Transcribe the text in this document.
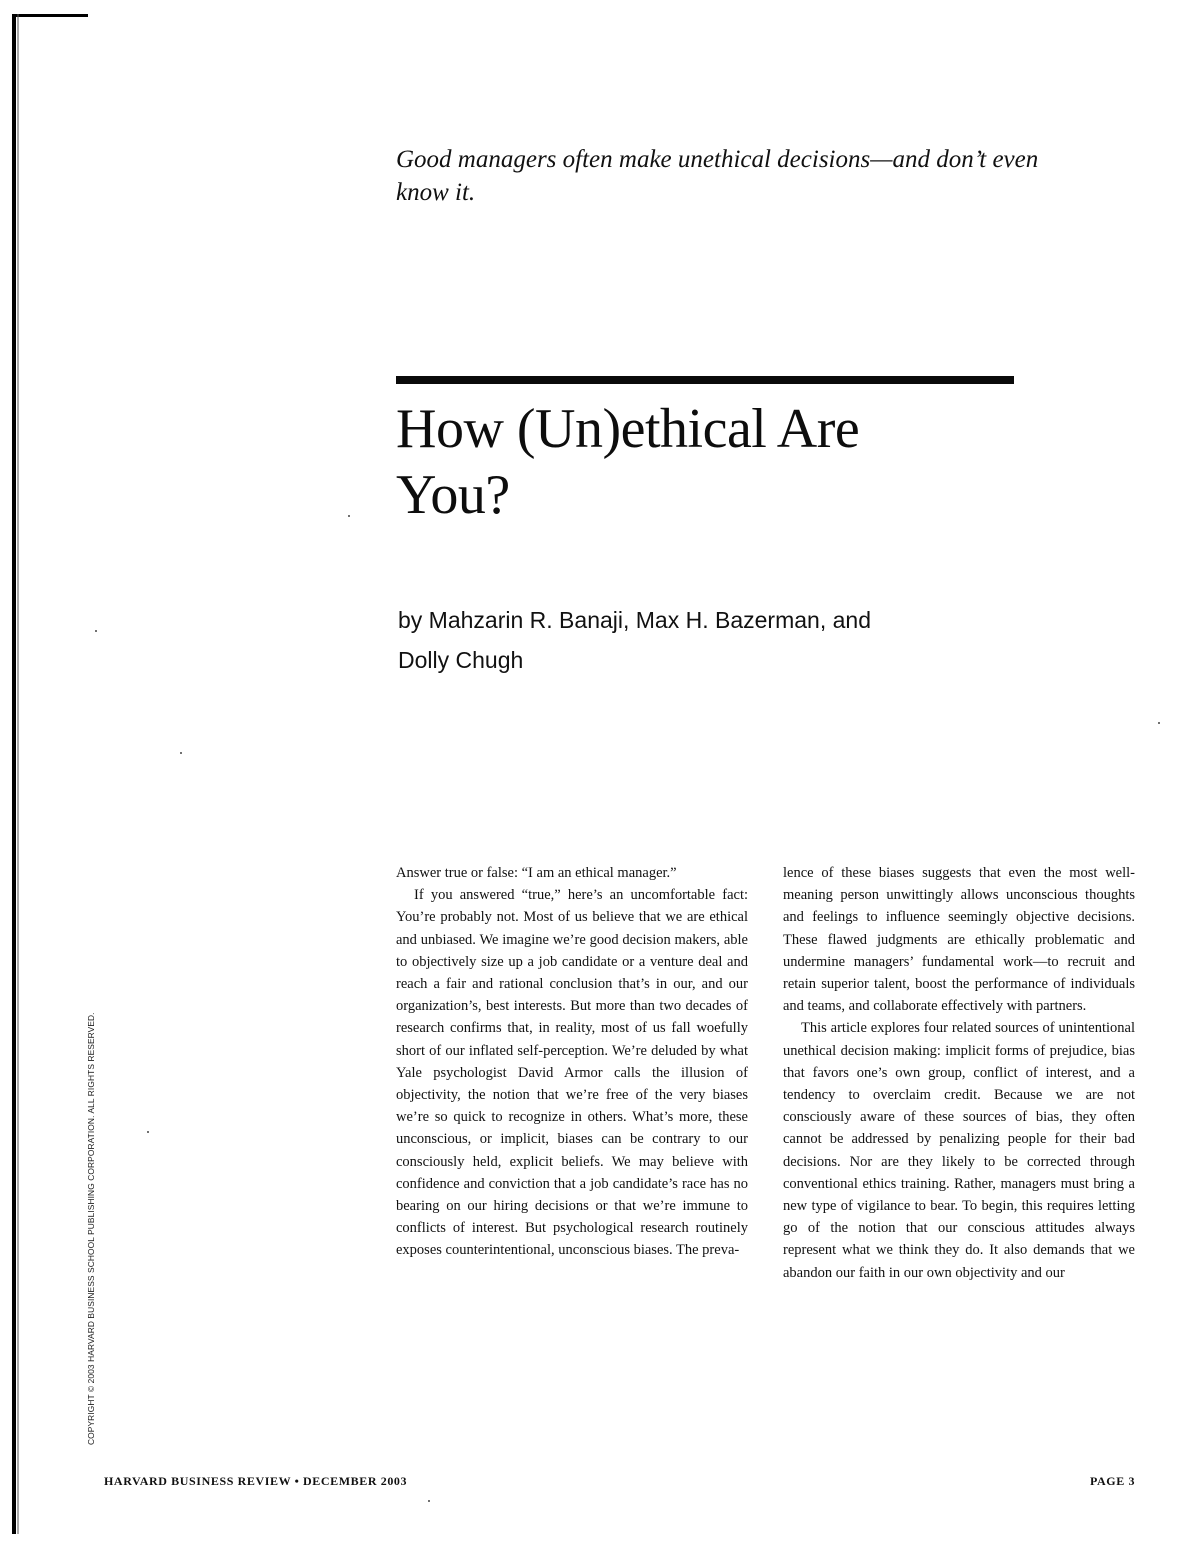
Good managers often make unethical decisions—and don’t even know it.
How (Un)ethical Are
You?
by Mahzarin R. Banaji, Max H. Bazerman, and
Dolly Chugh

Answer true or false: “I am an ethical manager.”

If you answered “true,” here’s an uncomfortable fact: You’re probably not. Most of us believe that we are ethical and unbiased. We imagine we’re good decision makers, able to objectively size up a job candidate or a venture deal and reach a fair and rational conclusion that’s in our, and our organization’s, best interests. But more than two decades of research confirms that, in reality, most of us fall woefully short of our inflated self-perception. We’re deluded by what Yale psychologist David Armor calls the illusion of objectivity, the notion that we’re free of the very biases we’re so quick to recognize in others. What’s more, these unconscious, or implicit, biases can be contrary to our consciously held, explicit beliefs. We may believe with confidence and conviction that a job candidate’s race has no bearing on our hiring decisions or that we’re immune to conflicts of interest. But psychological research routinely exposes counterintentional, unconscious biases. The preva-

lence of these biases suggests that even the most well-meaning person unwittingly allows unconscious thoughts and feelings to influence seemingly objective decisions. These flawed judgments are ethically problematic and undermine managers’ fundamental work—to recruit and retain superior talent, boost the performance of individuals and teams, and collaborate effectively with partners.

This article explores four related sources of unintentional unethical decision making: implicit forms of prejudice, bias that favors one’s own group, conflict of interest, and a tendency to overclaim credit. Because we are not consciously aware of these sources of bias, they often cannot be addressed by penalizing people for their bad decisions. Nor are they likely to be corrected through conventional ethics training. Rather, managers must bring a new type of vigilance to bear. To begin, this requires letting go of the notion that our conscious attitudes always represent what we think they do. It also demands that we abandon our faith in our own objectivity and our

COPYRIGHT © 2003 HARVARD BUSINESS SCHOOL PUBLISHING CORPORATION. ALL RIGHTS RESERVED.
HARVARD BUSINESS REVIEW • DECEMBER 2003	PAGE 3
